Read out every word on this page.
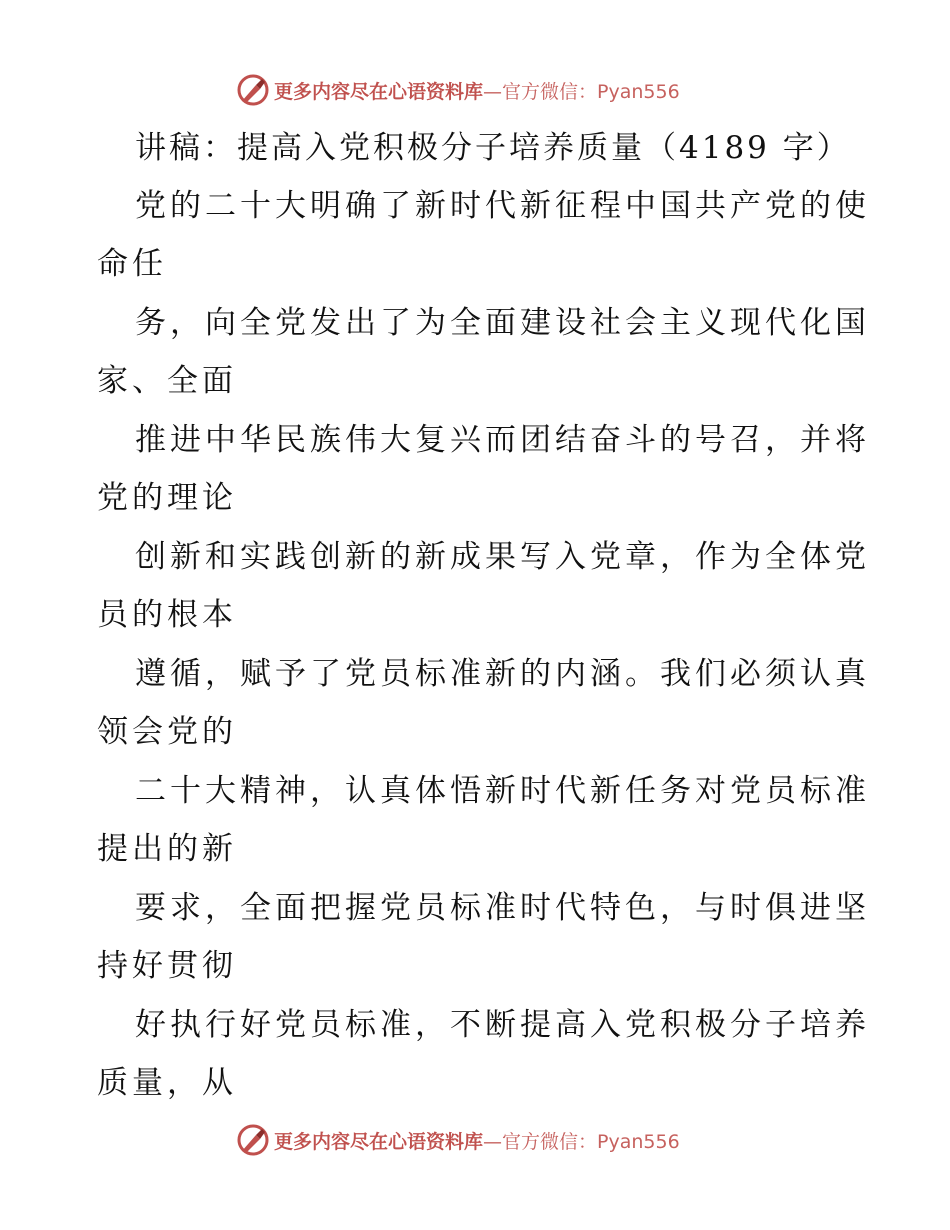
更多内容尽在心语资料库 —官方微信：Pyan556
讲稿：提高入党积极分子培养质量（4189 字）
党的二十大明确了新时代新征程中国共产党的使
命任
务，向全党发出了为全面建设社会主义现代化国
家、全面
推进中华民族伟大复兴而团结奋斗的号召，并将
党的理论
创新和实践创新的新成果写入党章，作为全体党
员的根本
遵循，赋予了党员标准新的内涵。我们必须认真
领会党的
二十大精神，认真体悟新时代新任务对党员标准
提出的新
要求，全面把握党员标准时代特色，与时俱进坚
持好贯彻
好执行好党员标准，不断提高入党积极分子培养
质量，从
更多内容尽在心语资料库 —官方微信：Pyan556
